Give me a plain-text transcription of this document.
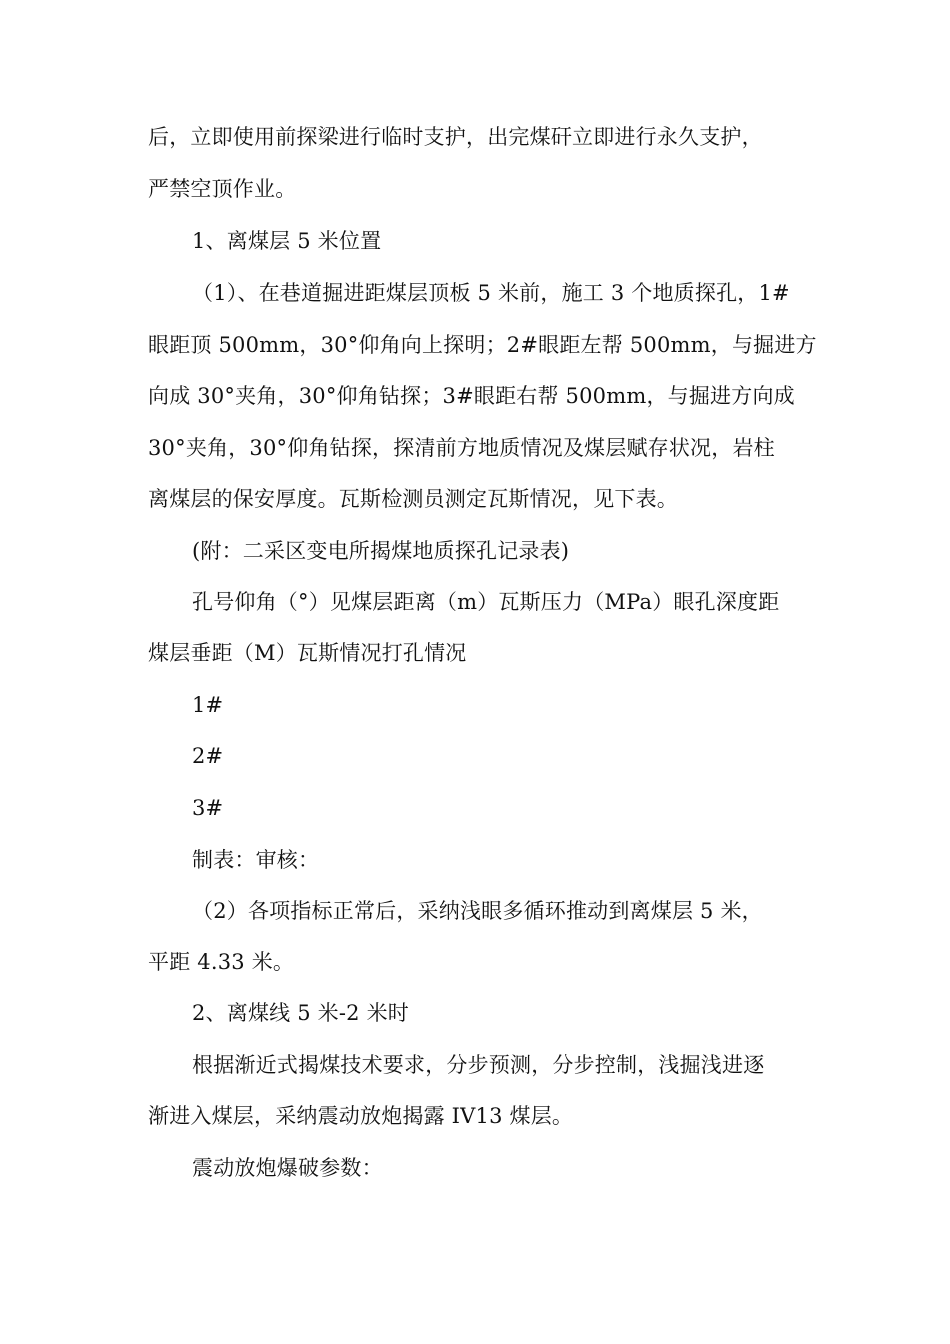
后，立即使用前探梁进行临时支护，出完煤矸立即进行永久支护，
严禁空顶作业。
1、离煤层 5 米位置
（1）、在巷道掘进距煤层顶板 5 米前，施工 3 个地质探孔，1#
眼距顶 500mm，30°仰角向上探明；2#眼距左帮 500mm，与掘进方
向成 30°夹角，30°仰角钻探；3#眼距右帮 500mm，与掘进方向成
30°夹角，30°仰角钻探，探清前方地质情况及煤层赋存状况，岩柱
离煤层的保安厚度。瓦斯检测员测定瓦斯情况，见下表。
(附：二采区变电所揭煤地质探孔记录表)
孔号仰角（°）见煤层距离（m）瓦斯压力（MPa）眼孔深度距
煤层垂距（M）瓦斯情况打孔情况
1#
2#
3#
制表：审核：
（2）各项指标正常后，采纳浅眼多循环推动到离煤层 5 米，
平距 4.33 米。
2、离煤线 5 米-2 米时
根据渐近式揭煤技术要求，分步预测，分步控制，浅掘浅进逐
渐进入煤层，采纳震动放炮揭露 IV13 煤层。
震动放炮爆破参数：
